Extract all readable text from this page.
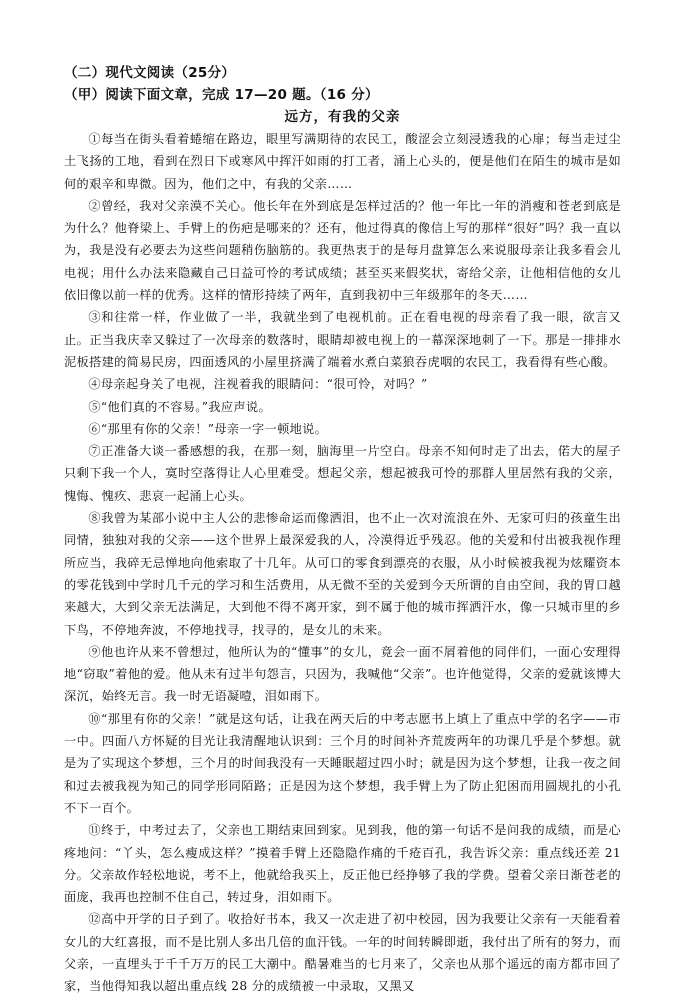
（二）现代文阅读（25分）

（甲）阅读下面文章，完成 17—20 题。（16 分）

远方，有我的父亲

①每当在街头看着蜷缩在路边，眼里写满期待的农民工，酸涩会立刻浸透我的心扉；每当走过尘土飞扬的工地，看到在烈日下或寒风中挥汗如雨的打工者，涌上心头的，便是他们在陌生的城市是如何的艰辛和卑微。因为，他们之中，有我的父亲……

②曾经，我对父亲漠不关心。他长年在外到底是怎样过活的？他一年比一年的消瘦和苍老到底是为什么？他脊梁上、手臂上的伤疤是哪来的？还有，他过得真的像信上写的那样“很好”吗？我一直以为，我是没有必要去为这些问题稍伤脑筋的。我更热衷于的是每月盘算怎么来说服母亲让我多看会儿电视；用什么办法来隐藏自己日益可怜的考试成绩；甚至买来假奖状，寄给父亲，让他相信他的女儿依旧像以前一样的优秀。这样的情形持续了两年，直到我初中三年级那年的冬天……

③和往常一样，作业做了一半，我就坐到了电视机前。正在看电视的母亲看了我一眼，欲言又止。正当我庆幸又躲过了一次母亲的数落时，眼睛却被电视上的一幕深深地刺了一下。那是一排排水泥板搭建的简易民房，四面透风的小屋里挤满了端着水煮白菜狼吞虎咽的农民工，我看得有些心酸。

④母亲起身关了电视，注视着我的眼睛问：“很可怜，对吗？”

⑤“他们真的不容易。”我应声说。

⑥“那里有你的父亲！”母亲一字一顿地说。

⑦正准备大谈一番感想的我，在那一刻，脑海里一片空白。母亲不知何时走了出去，偌大的屋子只剩下我一个人，寞时空落得让人心里难受。想起父亲，想起被我可怜的那群人里居然有我的父亲，愧悔、愧疚、悲哀一起涌上心头。

⑧我曾为某部小说中主人公的悲惨命运而像洒泪，也不止一次对流浪在外、无家可归的孩童生出同情，独独对我的父亲——这个世界上最深爱我的人，冷漠得近乎残忍。他的关爱和付出被我视作理所应当，我碎无忌惮地向他索取了十几年。从可口的零食到漂亮的衣服，从小时候被我视为炫耀资本的零花钱到中学时几千元的学习和生活费用，从无微不至的关爱到今天所谓的自由空间，我的胃口越来越大，大到父亲无法满足，大到他不得不离开家，到不属于他的城市挥洒汗水，像一只城市里的乡下鸟，不停地奔波，不停地找寻，找寻的，是女儿的未来。

⑨他也许从来不曾想过，他所认为的“懂事”的女儿，竟会一面不屑着他的同伴们，一面心安理得地“窃取”着他的爱。他从未有过半句怨言，只因为，我喊他“父亲”。也许他觉得，父亲的爱就该博大深沉，始终无言。我一时无语凝噎，泪如雨下。

⑩“那里有你的父亲！”就是这句话，让我在两天后的中考志愿书上填上了重点中学的名字——市一中。四面八方怀疑的目光让我清醒地认识到：三个月的时间补齐荒废两年的功课几乎是个梦想。就是为了实现这个梦想，三个月的时间我没有一天睡眠超过四小时；就是因为这个梦想，让我一夜之间和过去被我视为知己的同学形同陌路；正是因为这个梦想，我手臂上为了防止犯困而用圆规扎的小孔不下一百个。

⑪终于，中考过去了，父亲也工期结束回到家。见到我，他的第一句话不是问我的成绩，而是心疼地问：“丫头，怎么瘦成这样？”摸着手臂上还隐隐作痛的千疮百孔，我告诉父亲：重点线还差 21 分。父亲故作轻松地说，考不上，他就给我买上，反正他已经挣够了我的学费。望着父亲日渐苍老的面庞，我再也控制不住自己，转过身，泪如雨下。

⑫高中开学的日子到了。收拾好书本，我又一次走进了初中校园，因为我要让父亲有一天能看着女儿的大红喜报，而不是比别人多出几倍的血汗钱。一年的时间转瞬即逝，我付出了所有的努力，而父亲，一直埋头于千千万万的民工大潮中。酷暑难当的七月来了，父亲也从那个遥远的南方都市回了家，当他得知我以超出重点线 28 分的成绩被一中录取，又黑又
